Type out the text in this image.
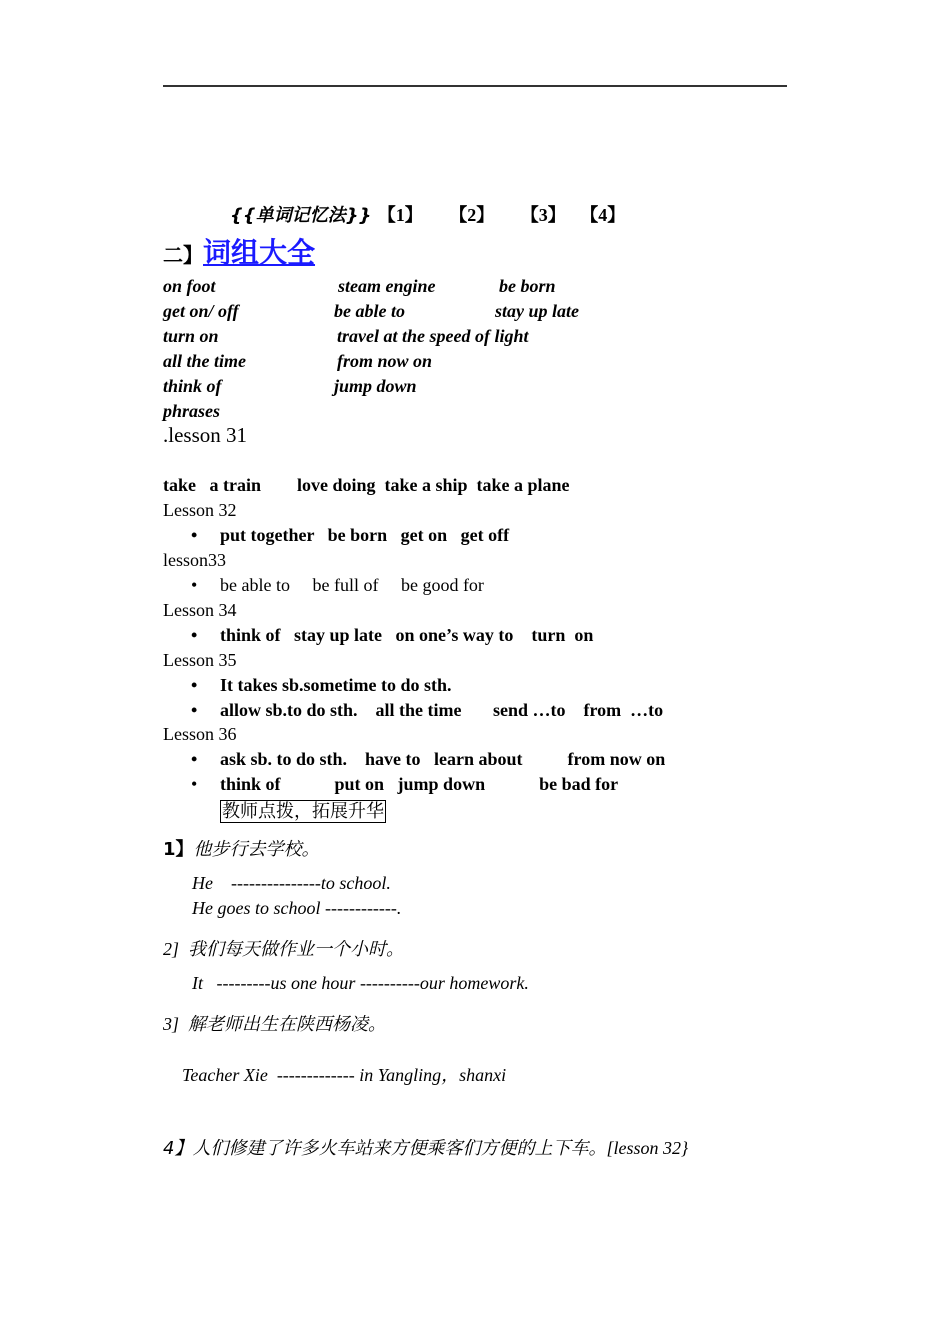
{{单词记忆法}} 【1】 【2】 【3】 【4】
二】词组大全
on foot
get on/ off
turn on
all the time
think of
phrases
steam engine
be able to
travel at the speed of light
from now on
jump down
be born
stay up late
.lesson 31
take   a train        love doing  take a ship  take a plane
Lesson 32
• put together   be born   get on   get off
lesson33
• be able to     be full of     be good for
Lesson 34
• think of   stay up late   on one’s way to    turn  on
Lesson 35
• It takes sb.sometime to do sth.
• allow sb.to do sth.    all the time       send …to    from  …to
Lesson 36
• ask sb. to do sth.    have to   learn about          from now on
• think of            put on   jump down            be bad for
教师点拨，拓展升华
1】他步行去学校。
He    ---------------to school.
He goes to school ------------.
2]  我们每天做作业一个小时。
It   ---------us one hour ----------our homework.
3]  解老师出生在陕西杨凌。
Teacher Xie  ------------- in Yangling，shanxi
4】人们修建了许多火车站来方便乘客们方便的上下车。[lesson 32}
